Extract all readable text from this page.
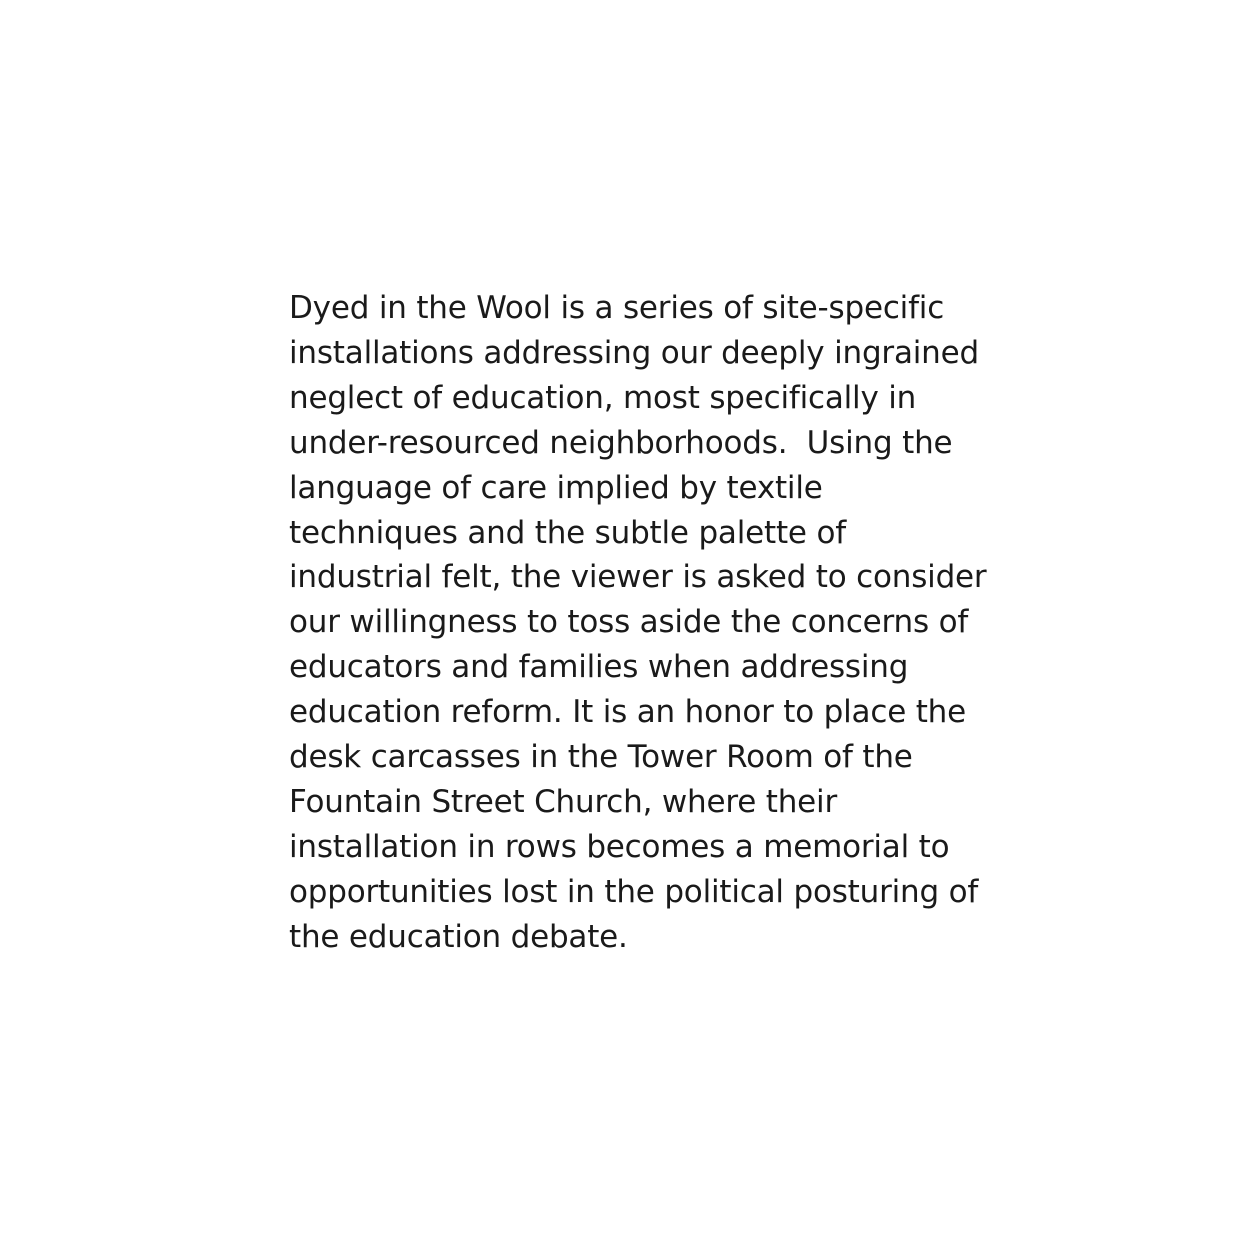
Dyed in the Wool is a series of site-specific
installations addressing our deeply ingrained
neglect of education, most specifically in
under-resourced neighborhoods.  Using the
language of care implied by textile
techniques and the subtle palette of
industrial felt, the viewer is asked to consider
our willingness to toss aside the concerns of
educators and families when addressing
education reform. It is an honor to place the
desk carcasses in the Tower Room of the
Fountain Street Church, where their
installation in rows becomes a memorial to
opportunities lost in the political posturing of
the education debate.
